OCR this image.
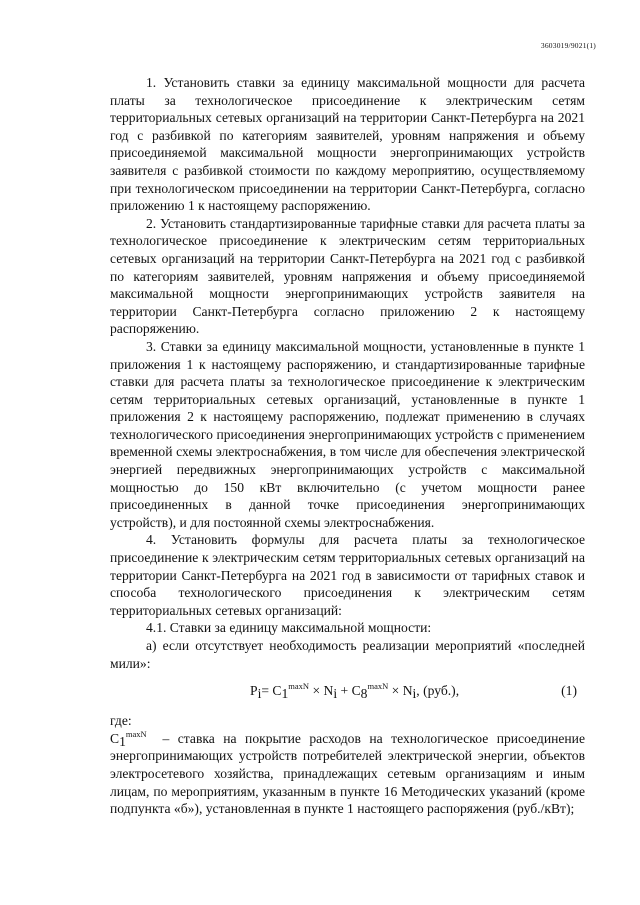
3603019/9021(1)

1. Установить ставки за единицу максимальной мощности для расчета платы за технологическое присоединение к электрическим сетям территориальных сетевых организаций на территории Санкт-Петербурга на 2021 год с разбивкой по категориям заявителей, уровням напряжения и объему присоединяемой максимальной мощности энергопринимающих устройств заявителя с разбивкой стоимости по каждому мероприятию, осуществляемому при технологическом присоединении на территории Санкт-Петербурга, согласно приложению 1 к настоящему распоряжению.

2. Установить стандартизированные тарифные ставки для расчета платы за технологическое присоединение к электрическим сетям территориальных сетевых организаций на территории Санкт-Петербурга на 2021 год с разбивкой по категориям заявителей, уровням напряжения и объему присоединяемой максимальной мощности энергопринимающих устройств заявителя на территории Санкт-Петербурга согласно приложению 2 к настоящему распоряжению.

3. Ставки за единицу максимальной мощности, установленные в пункте 1 приложения 1 к настоящему распоряжению, и стандартизированные тарифные ставки для расчета платы за технологическое присоединение к электрическим сетям территориальных сетевых организаций, установленные в пункте 1 приложения 2 к настоящему распоряжению, подлежат применению в случаях технологического присоединения энергопринимающих устройств с применением временной схемы электроснабжения, в том числе для обеспечения электрической энергией передвижных энергопринимающих устройств с максимальной мощностью до 150 кВт включительно (с учетом мощности ранее присоединенных в данной точке присоединения энергопринимающих устройств), и для постоянной схемы электроснабжения.

4. Установить формулы для расчета платы за технологическое присоединение к электрическим сетям территориальных сетевых организаций на территории Санкт-Петербурга на 2021 год в зависимости от тарифных ставок и способа технологического присоединения к электрическим сетям территориальных сетевых организаций:

4.1. Ставки за единицу максимальной мощности:

а) если отсутствует необходимость реализации мероприятий «последней мили»:

$Pi= C1^{maxN} \times Ni + C8^{maxN} \times Ni$, (руб.),	(1)

где:

$C1^{maxN}$ – ставка на покрытие расходов на технологическое присоединение энергопринимающих устройств потребителей электрической энергии, объектов электросетевого хозяйства, принадлежащих сетевым организациям и иным лицам, по мероприятиям, указанным в пункте 16 Методических указаний (кроме подпункта «б»), установленная в пункте 1 настоящего распоряжения (руб./кВт);
